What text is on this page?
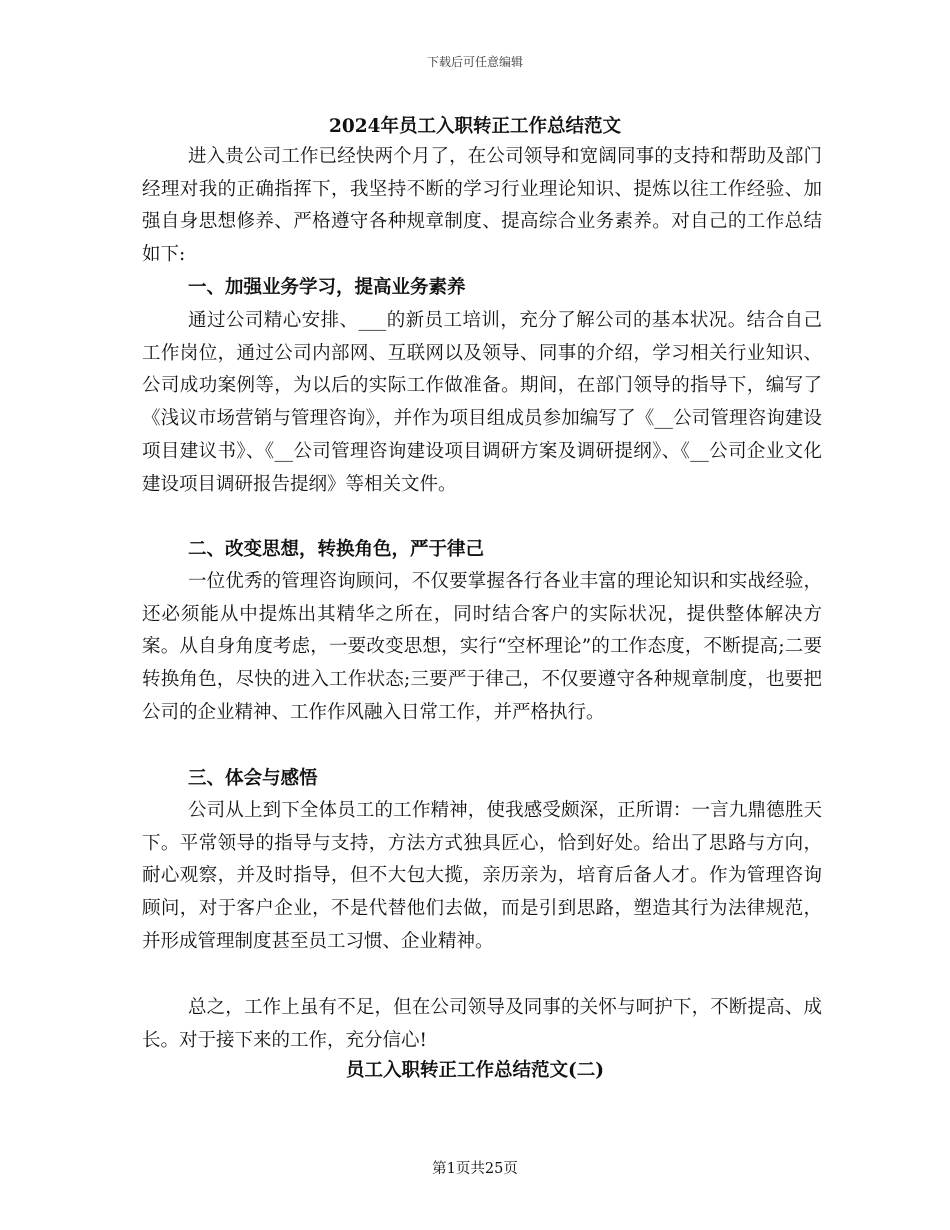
下载后可任意编辑
2024年员工入职转正工作总结范文

进入贵公司工作已经快两个月了，在公司领导和宽阔同事的支持和帮助及部门经理对我的正确指挥下，我坚持不断的学习行业理论知识、提炼以往工作经验、加强自身思想修养、严格遵守各种规章制度、提高综合业务素养。对自己的工作总结如下:

一、加强业务学习，提高业务素养

通过公司精心安排、___的新员工培训，充分了解公司的基本状况。结合自己工作岗位，通过公司内部网、互联网以及领导、同事的介绍，学习相关行业知识、公司成功案例等，为以后的实际工作做准备。期间，在部门领导的指导下，编写了《浅议市场营销与管理咨询》，并作为项目组成员参加编写了《__公司管理咨询建设项目建议书》、《__公司管理咨询建设项目调研方案及调研提纲》、《__公司企业文化建设项目调研报告提纲》等相关文件。

二、改变思想，转换角色，严于律己

一位优秀的管理咨询顾问，不仅要掌握各行各业丰富的理论知识和实战经验，还必须能从中提炼出其精华之所在，同时结合客户的实际状况，提供整体解决方案。从自身角度考虑，一要改变思想，实行“空杯理论”的工作态度，不断提高;二要转换角色，尽快的进入工作状态;三要严于律己，不仅要遵守各种规章制度，也要把公司的企业精神、工作作风融入日常工作，并严格执行。

三、体会与感悟

公司从上到下全体员工的工作精神，使我感受颇深，正所谓：一言九鼎德胜天下。平常领导的指导与支持，方法方式独具匠心，恰到好处。给出了思路与方向，耐心观察，并及时指导，但不大包大揽，亲历亲为，培育后备人才。作为管理咨询顾问，对于客户企业，不是代替他们去做，而是引到思路，塑造其行为法律规范，并形成管理制度甚至员工习惯、企业精神。

总之，工作上虽有不足，但在公司领导及同事的关怀与呵护下，不断提高、成长。对于接下来的工作，充分信心!

员工入职转正工作总结范文(二)
第1页共25页
